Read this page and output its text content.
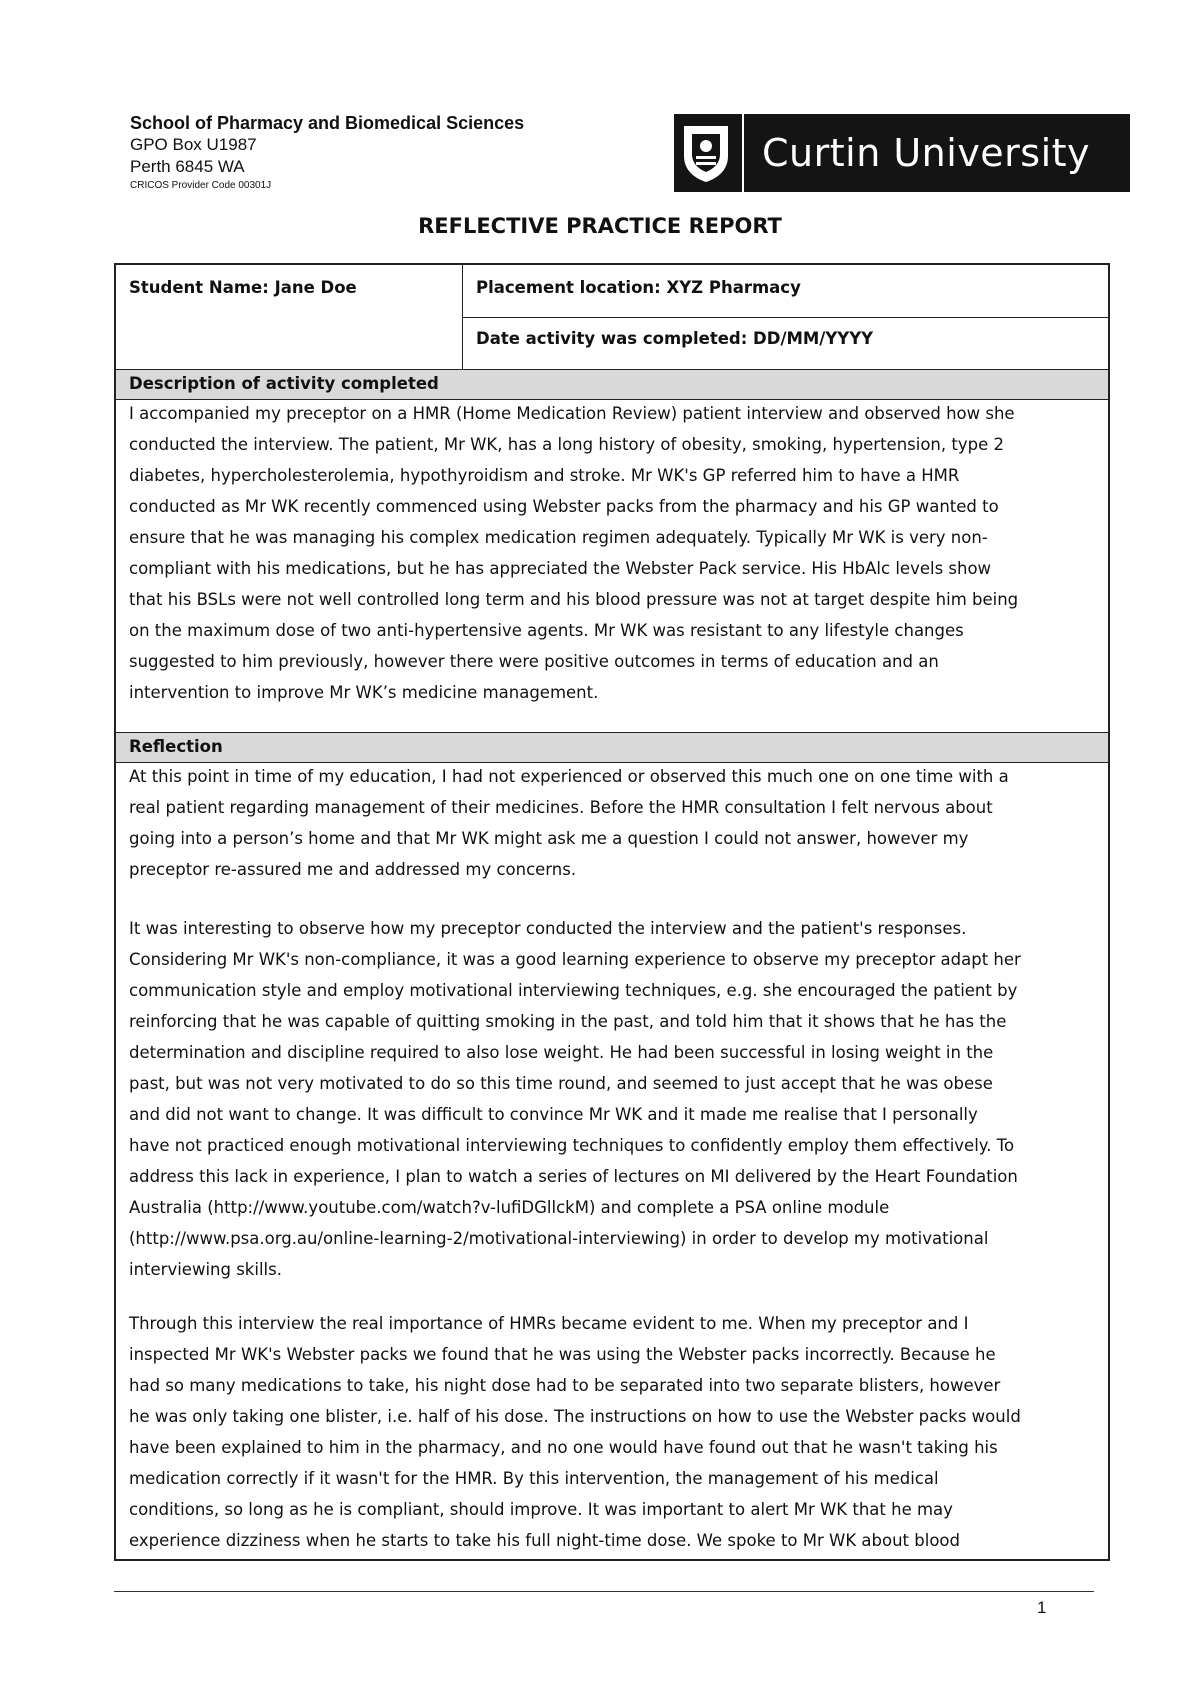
School of Pharmacy and Biomedical Sciences
GPO Box U1987
Perth 6845 WA
CRICOS Provider Code 00301J
Curtin University
REFLECTIVE PRACTICE REPORT
Student Name: Jane Doe	Placement location: XYZ Pharmacy
Date activity was completed: DD/MM/YYYY
Description of activity completed

I accompanied my preceptor on a HMR (Home Medication Review) patient interview and observed how she
conducted the interview. The patient, Mr WK, has a long history of obesity, smoking, hypertension, type 2
diabetes, hypercholesterolemia, hypothyroidism and stroke. Mr WK's GP referred him to have a HMR
conducted as Mr WK recently commenced using Webster packs from the pharmacy and his GP wanted to
ensure that he was managing his complex medication regimen adequately. Typically Mr WK is very non-
compliant with his medications, but he has appreciated the Webster Pack service. His HbAlc levels show
that his BSLs were not well controlled long term and his blood pressure was not at target despite him being
on the maximum dose of two anti-hypertensive agents. Mr WK was resistant to any lifestyle changes
suggested to him previously, however there were positive outcomes in terms of education and an
intervention to improve Mr WK’s medicine management.

Reflection

At this point in time of my education, I had not experienced or observed this much one on one time with a
real patient regarding management of their medicines. Before the HMR consultation I felt nervous about
going into a person’s home and that Mr WK might ask me a question I could not answer, however my
preceptor re-assured me and addressed my concerns.

It was interesting to observe how my preceptor conducted the interview and the patient's responses.
Considering Mr WK's non-compliance, it was a good learning experience to observe my preceptor adapt her
communication style and employ motivational interviewing techniques, e.g. she encouraged the patient by
reinforcing that he was capable of quitting smoking in the past, and told him that it shows that he has the
determination and discipline required to also lose weight. He had been successful in losing weight in the
past, but was not very motivated to do so this time round, and seemed to just accept that he was obese
and did not want to change. It was difficult to convince Mr WK and it made me realise that I personally
have not practiced enough motivational interviewing techniques to confidently employ them effectively. To
address this lack in experience, I plan to watch a series of lectures on MI delivered by the Heart Foundation
Australia (http://www.youtube.com/watch?v-lufiDGllckM) and complete a PSA online module
(http://www.psa.org.au/online-learning-2/motivational-interviewing) in order to develop my motivational
interviewing skills.

Through this interview the real importance of HMRs became evident to me. When my preceptor and I
inspected Mr WK's Webster packs we found that he was using the Webster packs incorrectly. Because he
had so many medications to take, his night dose had to be separated into two separate blisters, however
he was only taking one blister, i.e. half of his dose. The instructions on how to use the Webster packs would
have been explained to him in the pharmacy, and no one would have found out that he wasn't taking his
medication correctly if it wasn't for the HMR. By this intervention, the management of his medical
conditions, so long as he is compliant, should improve. It was important to alert Mr WK that he may
experience dizziness when he starts to take his full night-time dose. We spoke to Mr WK about blood

1
